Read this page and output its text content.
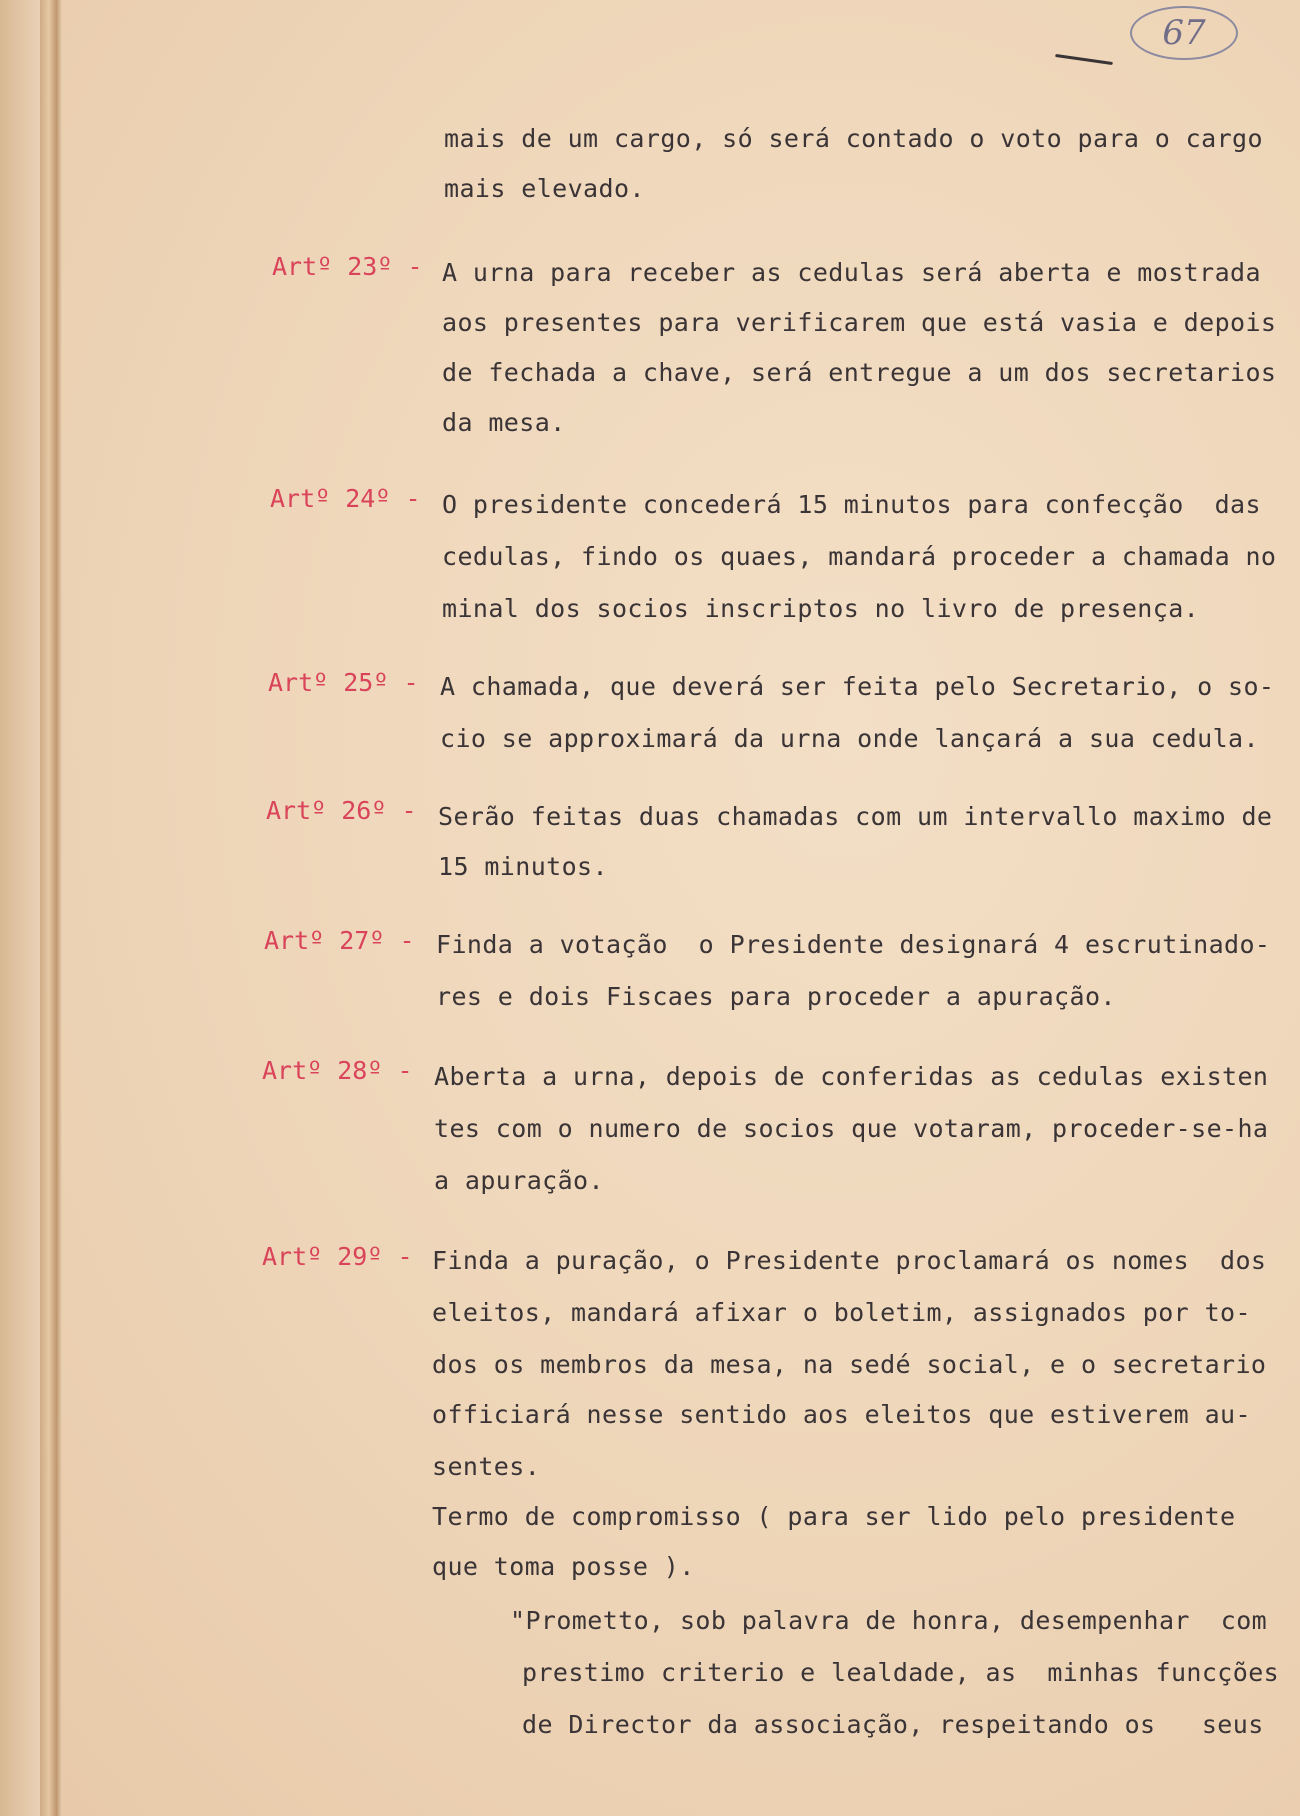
67
mais de um cargo, só será contado o voto para o cargo
mais elevado.
Artº 23º - A urna para receber as cedulas será aberta e mostrada
aos presentes para verificarem que está vasia e depois
de fechada a chave, será entregue a um dos secretarios
da mesa.
Artº 24º - O presidente concederá 15 minutos para confecção  das
cedulas, findo os quaes, mandará proceder a chamada no
minal dos socios inscriptos no livro de presença.
Artº 25º - A chamada, que deverá ser feita pelo Secretario, o so-
cio se approximará da urna onde lançará a sua cedula.
Artº 26º - Serão feitas duas chamadas com um intervallo maximo de
15 minutos.
Artº 27º - Finda a votação  o Presidente designará 4 escrutinado-
res e dois Fiscaes para proceder a apuração.
Artº 28º - Aberta a urna, depois de conferidas as cedulas existen
tes com o numero de socios que votaram, proceder-se-ha
a apuração.
Artº 29º - Finda a puração, o Presidente proclamará os nomes  dos
eleitos, mandará afixar o boletim, assignados por to-
dos os membros da mesa, na sedé social, e o secretario
officiará nesse sentido aos eleitos que estiverem au-
sentes.
Termo de compromisso ( para ser lido pelo presidente
que toma posse ).
"Prometto, sob palavra de honra, desempenhar  com
prestimo criterio e lealdade, as  minhas funcções
de Director da associação, respeitando os   seus
